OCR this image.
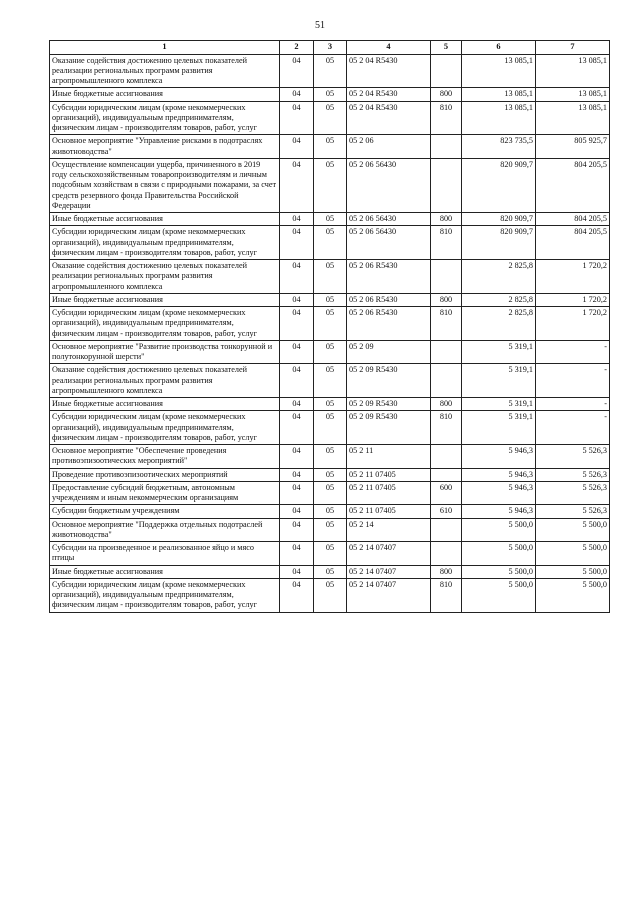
51
1	2	3	4	5	6	7
Оказание содействия достижению целевых показателей реализации региональных программ развития агропромышленного комплекса	04	05	05 2 04 R5430		13 085,1	13 085,1
Иные бюджетные ассигнования	04	05	05 2 04 R5430	800	13 085,1	13 085,1
Субсидии юридическим лицам (кроме некоммерческих организаций), индивидуальным предпринимателям, физическим лицам - производителям товаров, работ, услуг	04	05	05 2 04 R5430	810	13 085,1	13 085,1
Основное мероприятие "Управление рисками в подотраслях животноводства"	04	05	05 2 06		823 735,5	805 925,7
Осуществление компенсации ущерба, причиненного в 2019 году сельскохозяйственным товаропроизводителям и личным подсобным хозяйствам в связи с природными пожарами, за счет средств резервного фонда Правительства Российской Федерации	04	05	05 2 06 56430		820 909,7	804 205,5
Иные бюджетные ассигнования	04	05	05 2 06 56430	800	820 909,7	804 205,5
Субсидии юридическим лицам (кроме некоммерческих организаций), индивидуальным предпринимателям, физическим лицам - производителям товаров, работ, услуг	04	05	05 2 06 56430	810	820 909,7	804 205,5
Оказание содействия достижению целевых показателей реализации региональных программ развития агропромышленного комплекса	04	05	05 2 06 R5430		2 825,8	1 720,2
Иные бюджетные ассигнования	04	05	05 2 06 R5430	800	2 825,8	1 720,2
Субсидии юридическим лицам (кроме некоммерческих организаций), индивидуальным предпринимателям, физическим лицам - производителям товаров, работ, услуг	04	05	05 2 06 R5430	810	2 825,8	1 720,2
Основное мероприятие "Развитие производства тонкорунной и полутонкорунной шерсти"	04	05	05 2 09		5 319,1	-
Оказание содействия достижению целевых показателей реализации региональных программ развития агропромышленного комплекса	04	05	05 2 09 R5430		5 319,1	-
Иные бюджетные ассигнования	04	05	05 2 09 R5430	800	5 319,1	-
Субсидии юридическим лицам (кроме некоммерческих организаций), индивидуальным предпринимателям, физическим лицам - производителям товаров, работ, услуг	04	05	05 2 09 R5430	810	5 319,1	-
Основное мероприятие "Обеспечение проведения противоэпизоотических мероприятий"	04	05	05 2 11		5 946,3	5 526,3
Проведение противоэпизоотических мероприятий	04	05	05 2 11 07405		5 946,3	5 526,3
Предоставление субсидий бюджетным, автономным учреждениям и иным некоммерческим организациям	04	05	05 2 11 07405	600	5 946,3	5 526,3
Субсидии бюджетным учреждениям	04	05	05 2 11 07405	610	5 946,3	5 526,3
Основное мероприятие "Поддержка отдельных подотраслей животноводства"	04	05	05 2 14		5 500,0	5 500,0
Субсидии на произведенное и реализованное яйцо и мясо птицы	04	05	05 2 14 07407		5 500,0	5 500,0
Иные бюджетные ассигнования	04	05	05 2 14 07407	800	5 500,0	5 500,0
Субсидии юридическим лицам (кроме некоммерческих организаций), индивидуальным предпринимателям, физическим лицам - производителям товаров, работ, услуг	04	05	05 2 14 07407	810	5 500,0	5 500,0
